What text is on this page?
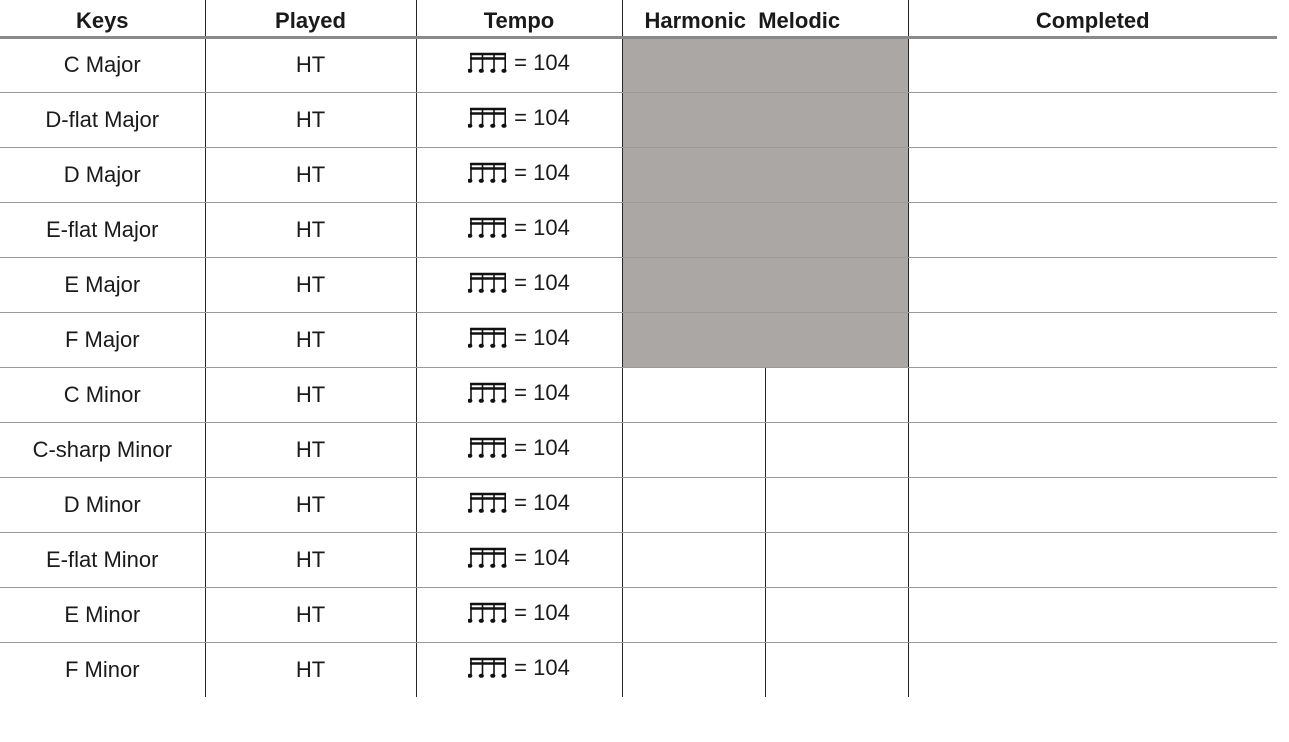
Keys	Played	Tempo	Harmonic Melodic		Completed
C Major	HT	= 104			

D-flat Major	HT	= 104			

D Major	HT	= 104			

E-flat Major	HT	= 104			

E Major	HT	= 104			

F Major	HT	= 104			

C Minor	HT	= 104			

C-sharp Minor	HT	= 104			

D Minor	HT	= 104			

E-flat Minor	HT	= 104			

E Minor	HT	= 104			

F Minor	HT	= 104			
